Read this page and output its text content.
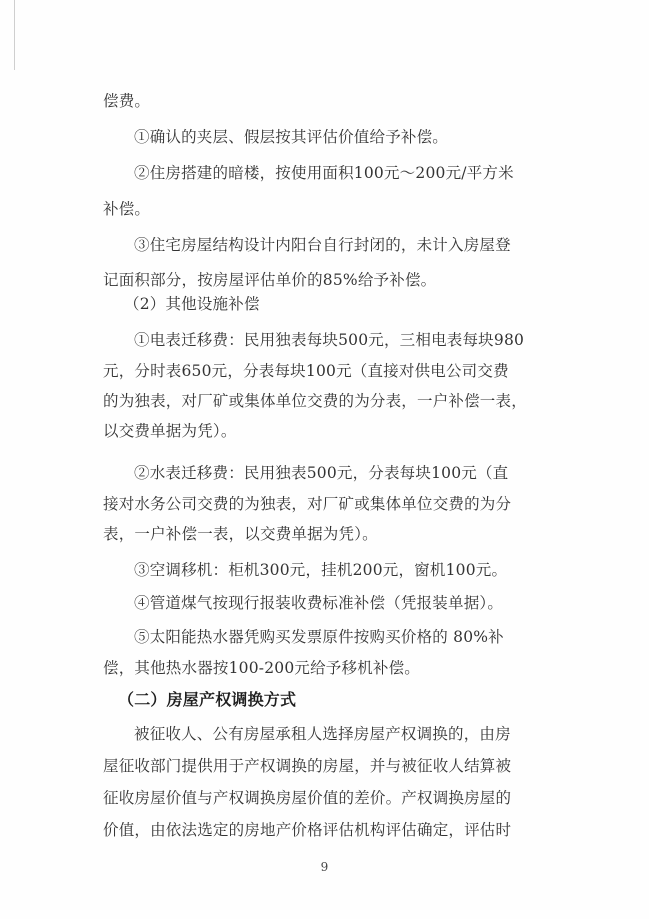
偿费。
①确认的夹层、假层按其评估价值给予补偿。
②住房搭建的暗楼，按使用面积100元～200元/平方米
补偿。
③住宅房屋结构设计内阳台自行封闭的，未计入房屋登
记面积部分，按房屋评估单价的85%给予补偿。
（2）其他设施补偿
①电表迁移费：民用独表每块500元，三相电表每块980
元，分时表650元，分表每块100元（直接对供电公司交费
的为独表，对厂矿或集体单位交费的为分表，一户补偿一表，
以交费单据为凭）。
②水表迁移费：民用独表500元，分表每块100元（直
接对水务公司交费的为独表，对厂矿或集体单位交费的为分
表，一户补偿一表，以交费单据为凭）。
③空调移机：柜机300元，挂机200元，窗机100元。
④管道煤气按现行报装收费标准补偿（凭报装单据）。
⑤太阳能热水器凭购买发票原件按购买价格的 80%补
偿，其他热水器按100-200元给予移机补偿。
（二）房屋产权调换方式
被征收人、公有房屋承租人选择房屋产权调换的，由房
屋征收部门提供用于产权调换的房屋，并与被征收人结算被
征收房屋价值与产权调换房屋价值的差价。产权调换房屋的
价值，由依法选定的房地产价格评估机构评估确定，评估时
9
